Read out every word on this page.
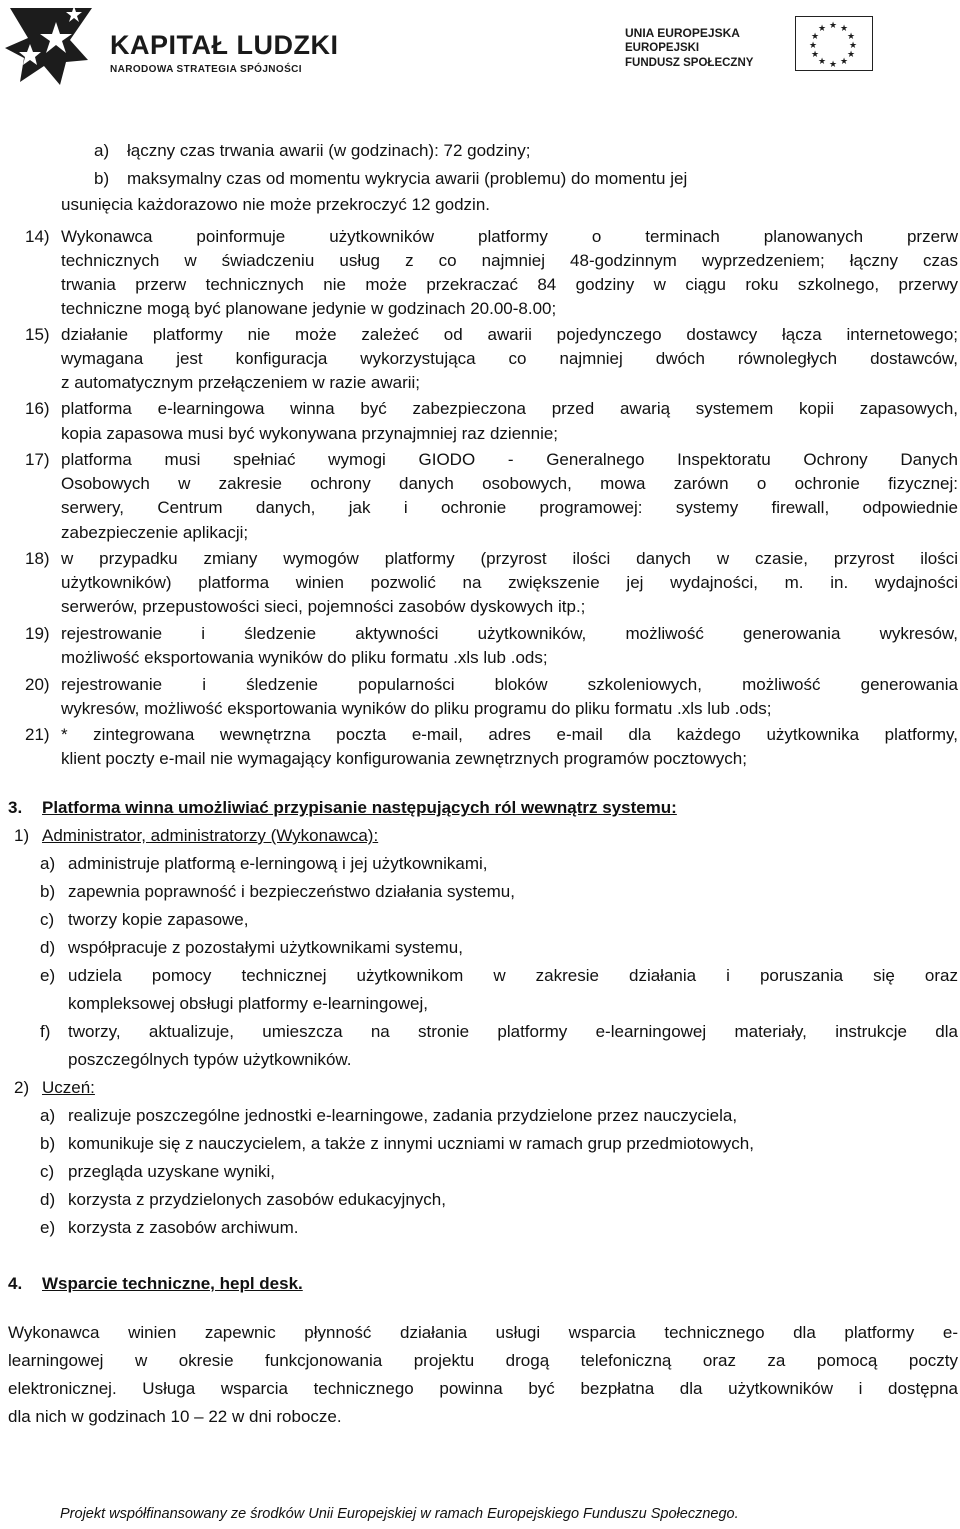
KAPITAŁ LUDZKI
NARODOWA STRATEGIA SPÓJNOŚCI
UNIA EUROPEJSKA
EUROPEJSKI
FUNDUSZ SPOŁECZNY
★ ★
★
★
★
★
★
★
★
★
★
★
a) łączny czas trwania awarii (w godzinach): 72 godziny;
b) maksymalny czas od momentu wykrycia awarii (problemu) do momentu jej
usunięcia każdorazowo nie może przekroczyć 12 godzin.
14) Wykonawca poinformuje użytkowników platformy o terminach planowanych przerw
technicznych w świadczeniu usług z co najmniej 48-godzinnym wyprzedzeniem; łączny czas
trwania przerw technicznych nie może przekraczać 84 godziny w ciągu roku szkolnego, przerwy
techniczne mogą być planowane jedynie w godzinach 20.00-8.00;
15) działanie platformy nie może zależeć od awarii pojedynczego dostawcy łącza internetowego;
wymagana jest konfiguracja wykorzystująca co najmniej dwóch równoległych dostawców,
z automatycznym przełączeniem w razie awarii;
16) platforma e-learningowa winna być zabezpieczona przed awarią systemem kopii zapasowych,
kopia zapasowa musi być wykonywana przynajmniej raz dziennie;
17) platforma musi spełniać wymogi GIODO - Generalnego Inspektoratu Ochrony Danych
Osobowych w zakresie ochrony danych osobowych, mowa zarówn o ochronie fizycznej:
serwery, Centrum danych, jak i ochronie programowej: systemy firewall, odpowiednie
zabezpieczenie aplikacji;
18) w przypadku zmiany wymogów platformy (przyrost ilości danych w czasie, przyrost ilości
użytkowników) platforma winien pozwolić na zwiększenie jej wydajności, m. in. wydajności
serwerów, przepustowości sieci, pojemności zasobów dyskowych itp.;
19) rejestrowanie i śledzenie aktywności użytkowników, możliwość generowania wykresów,
możliwość eksportowania wyników do pliku formatu .xls lub .ods;
20) rejestrowanie i śledzenie popularności bloków szkoleniowych, możliwość generowania
wykresów, możliwość eksportowania wyników do pliku programu do pliku formatu .xls lub .ods;
21) * zintegrowana wewnętrzna poczta e-mail, adres e-mail dla każdego użytkownika platformy,
klient poczty e-mail nie wymagający konfigurowania zewnętrznych programów pocztowych;
3. Platforma winna umożliwiać przypisanie następujących ról wewnątrz systemu:
1) Administrator, administratorzy (Wykonawca):
a) administruje platformą e-lerningową i jej użytkownikami,
b) zapewnia poprawność i bezpieczeństwo działania systemu,
c) tworzy kopie zapasowe,
d) współpracuje z pozostałymi użytkownikami systemu,
e) udziela pomocy technicznej użytkownikom w zakresie działania i poruszania się oraz
kompleksowej obsługi platformy e-learningowej,
f) tworzy, aktualizuje, umieszcza na stronie platformy e-learningowej materiały, instrukcje dla
poszczególnych typów użytkowników.
2) Uczeń:
a) realizuje poszczególne jednostki e-learningowe, zadania przydzielone przez nauczyciela,
b) komunikuje się z nauczycielem, a także z innymi uczniami w ramach grup przedmiotowych,
c) przegląda uzyskane wyniki,
d) korzysta z przydzielonych zasobów edukacyjnych,
e) korzysta z zasobów archiwum.
4. Wsparcie techniczne, hepl desk.
Wykonawca winien zapewnic płynność działania usługi wsparcia technicznego dla platformy e-
learningowej w okresie funkcjonowania projektu drogą telefoniczną oraz za pomocą poczty
elektronicznej. Usługa wsparcia technicznego powinna być bezpłatna dla użytkowników i dostępna
dla nich w godzinach 10 – 22 w dni robocze.
Projekt współfinansowany ze środków Unii Europejskiej w ramach Europejskiego Funduszu Społecznego.
